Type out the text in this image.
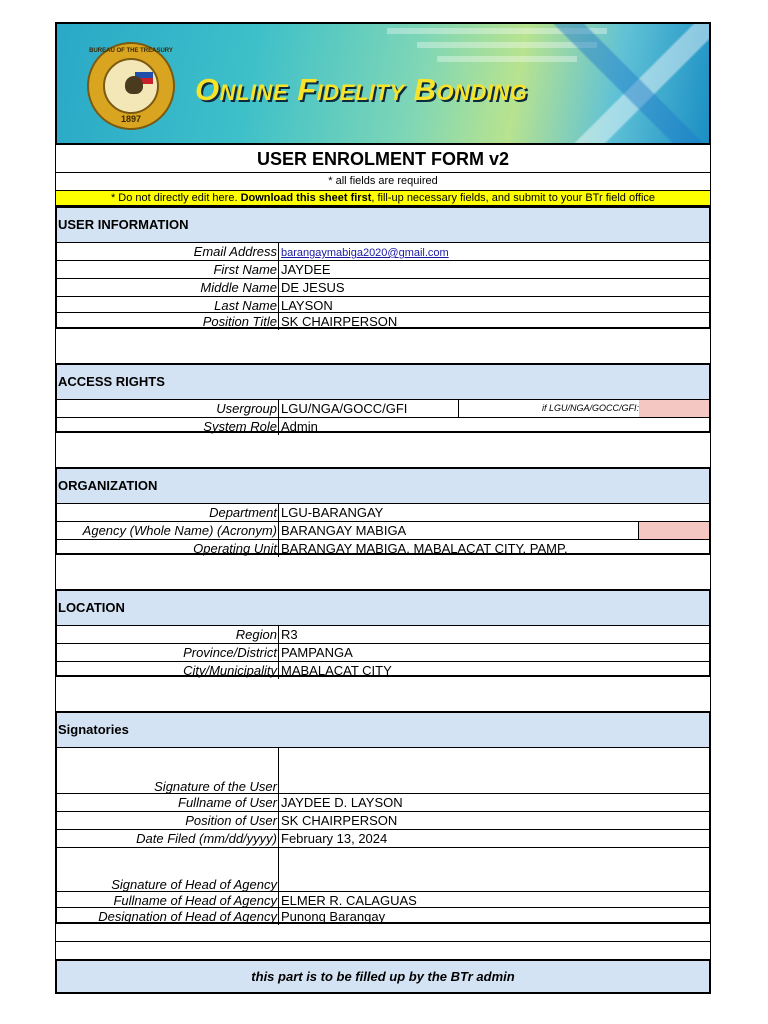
BUREAU OF THE TREASURY
1897
Online Fidelity Bonding
USER ENROLMENT FORM v2
* all fields are required
* Do not directly edit here. Download this sheet first, fill-up necessary fields, and submit to your BTr field office
USER INFORMATION
Email Address barangaymabiga2020@gmail.com
First Name JAYDEE
Middle Name DE JESUS
Last Name LAYSON
Position Title SK CHAIRPERSON
ACCESS RIGHTS
Usergroup LGU/NGA/GOCC/GFI	if LGU/NGA/GOCC/GFI:
System Role Admin
ORGANIZATION
Department LGU-BARANGAY
Agency (Whole Name) (Acronym) BARANGAY MABIGA
Operating Unit BARANGAY MABIGA, MABALACAT CITY, PAMP.
LOCATION
Region R3
Province/District PAMPANGA
City/Municipality MABALACAT CITY
Signatories
Signature of the User
Fullname of User JAYDEE D. LAYSON
Position of User SK CHAIRPERSON
Date Filed (mm/dd/yyyy) February 13, 2024
Signature of Head of Agency
Fullname of Head of Agency ELMER R. CALAGUAS
Designation of Head of Agency Punong Barangay
this part is to be filled up by the BTr admin
